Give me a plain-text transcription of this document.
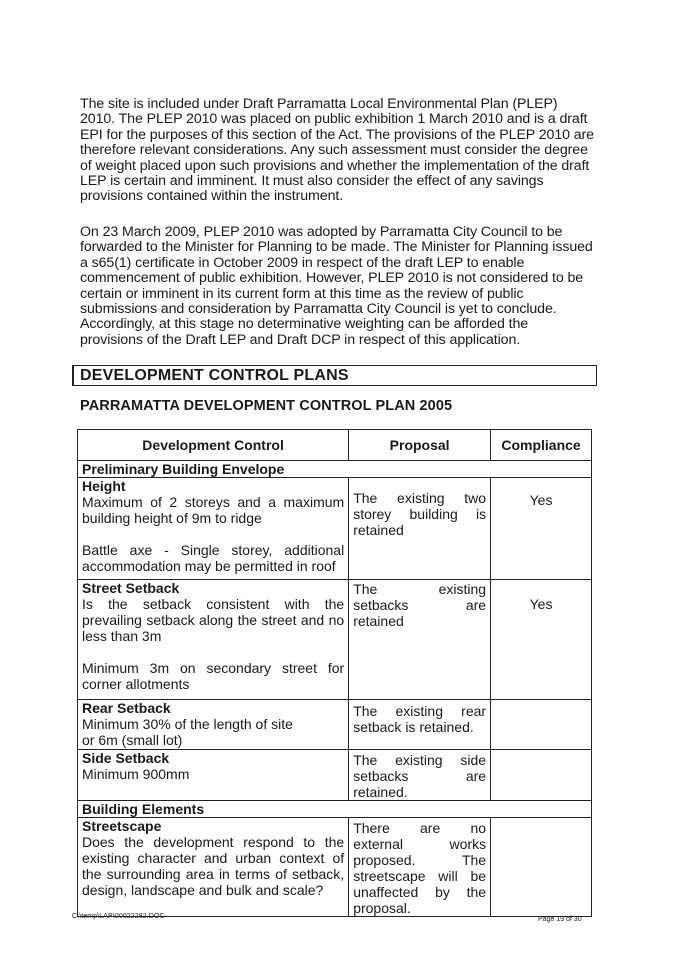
The site is included under Draft Parramatta Local Environmental Plan (PLEP) 2010. The PLEP 2010 was placed on public exhibition 1 March 2010 and is a draft EPI for the purposes of this section of the Act. The provisions of the PLEP 2010 are therefore relevant considerations. Any such assessment must consider the degree of weight placed upon such provisions and whether the implementation of the draft LEP is certain and imminent. It must also consider the effect of any savings provisions contained within the instrument.

On 23 March 2009, PLEP 2010 was adopted by Parramatta City Council to be forwarded to the Minister for Planning to be made. The Minister for Planning issued a s65(1) certificate in October 2009 in respect of the draft LEP to enable commencement of public exhibition. However, PLEP 2010 is not considered to be certain or imminent in its current form at this time as the review of public submissions and consideration by Parramatta City Council is yet to conclude. Accordingly, at this stage no determinative weighting can be afforded the provisions of the Draft LEP and Draft DCP in respect of this application.

DEVELOPMENT CONTROL PLANS
PARRAMATTA DEVELOPMENT CONTROL PLAN 2005
Development Control	Proposal	Compliance
Preliminary Building Envelope		

Height
Maximum of 2 storeys and a maximum building height of 9m to ridge
Battle axe - Single storey, additional accommodation may be permitted in roof	The existing two storey building is retained	Yes

Street Setback
Is the setback consistent with the prevailing setback along the street and no less than 3m
Minimum 3m on secondary street for corner allotments	The existing setbacks are retained	Yes

Rear Setback
Minimum 30% of the length of site
or 6m (small lot)	The existing rear setback is retained.	

Side Setback
Minimum 900mm	The existing side setbacks are retained.	
Building Elements		

Streetscape
Does the development respond to the existing character and urban context of the surrounding area in terms of setback, design, landscape and bulk and scale?	There are no external works proposed. The streetscape will be unaffected by the proposal.	
C:\temp\LAP\00022282.DOC	Page 19 of 30
